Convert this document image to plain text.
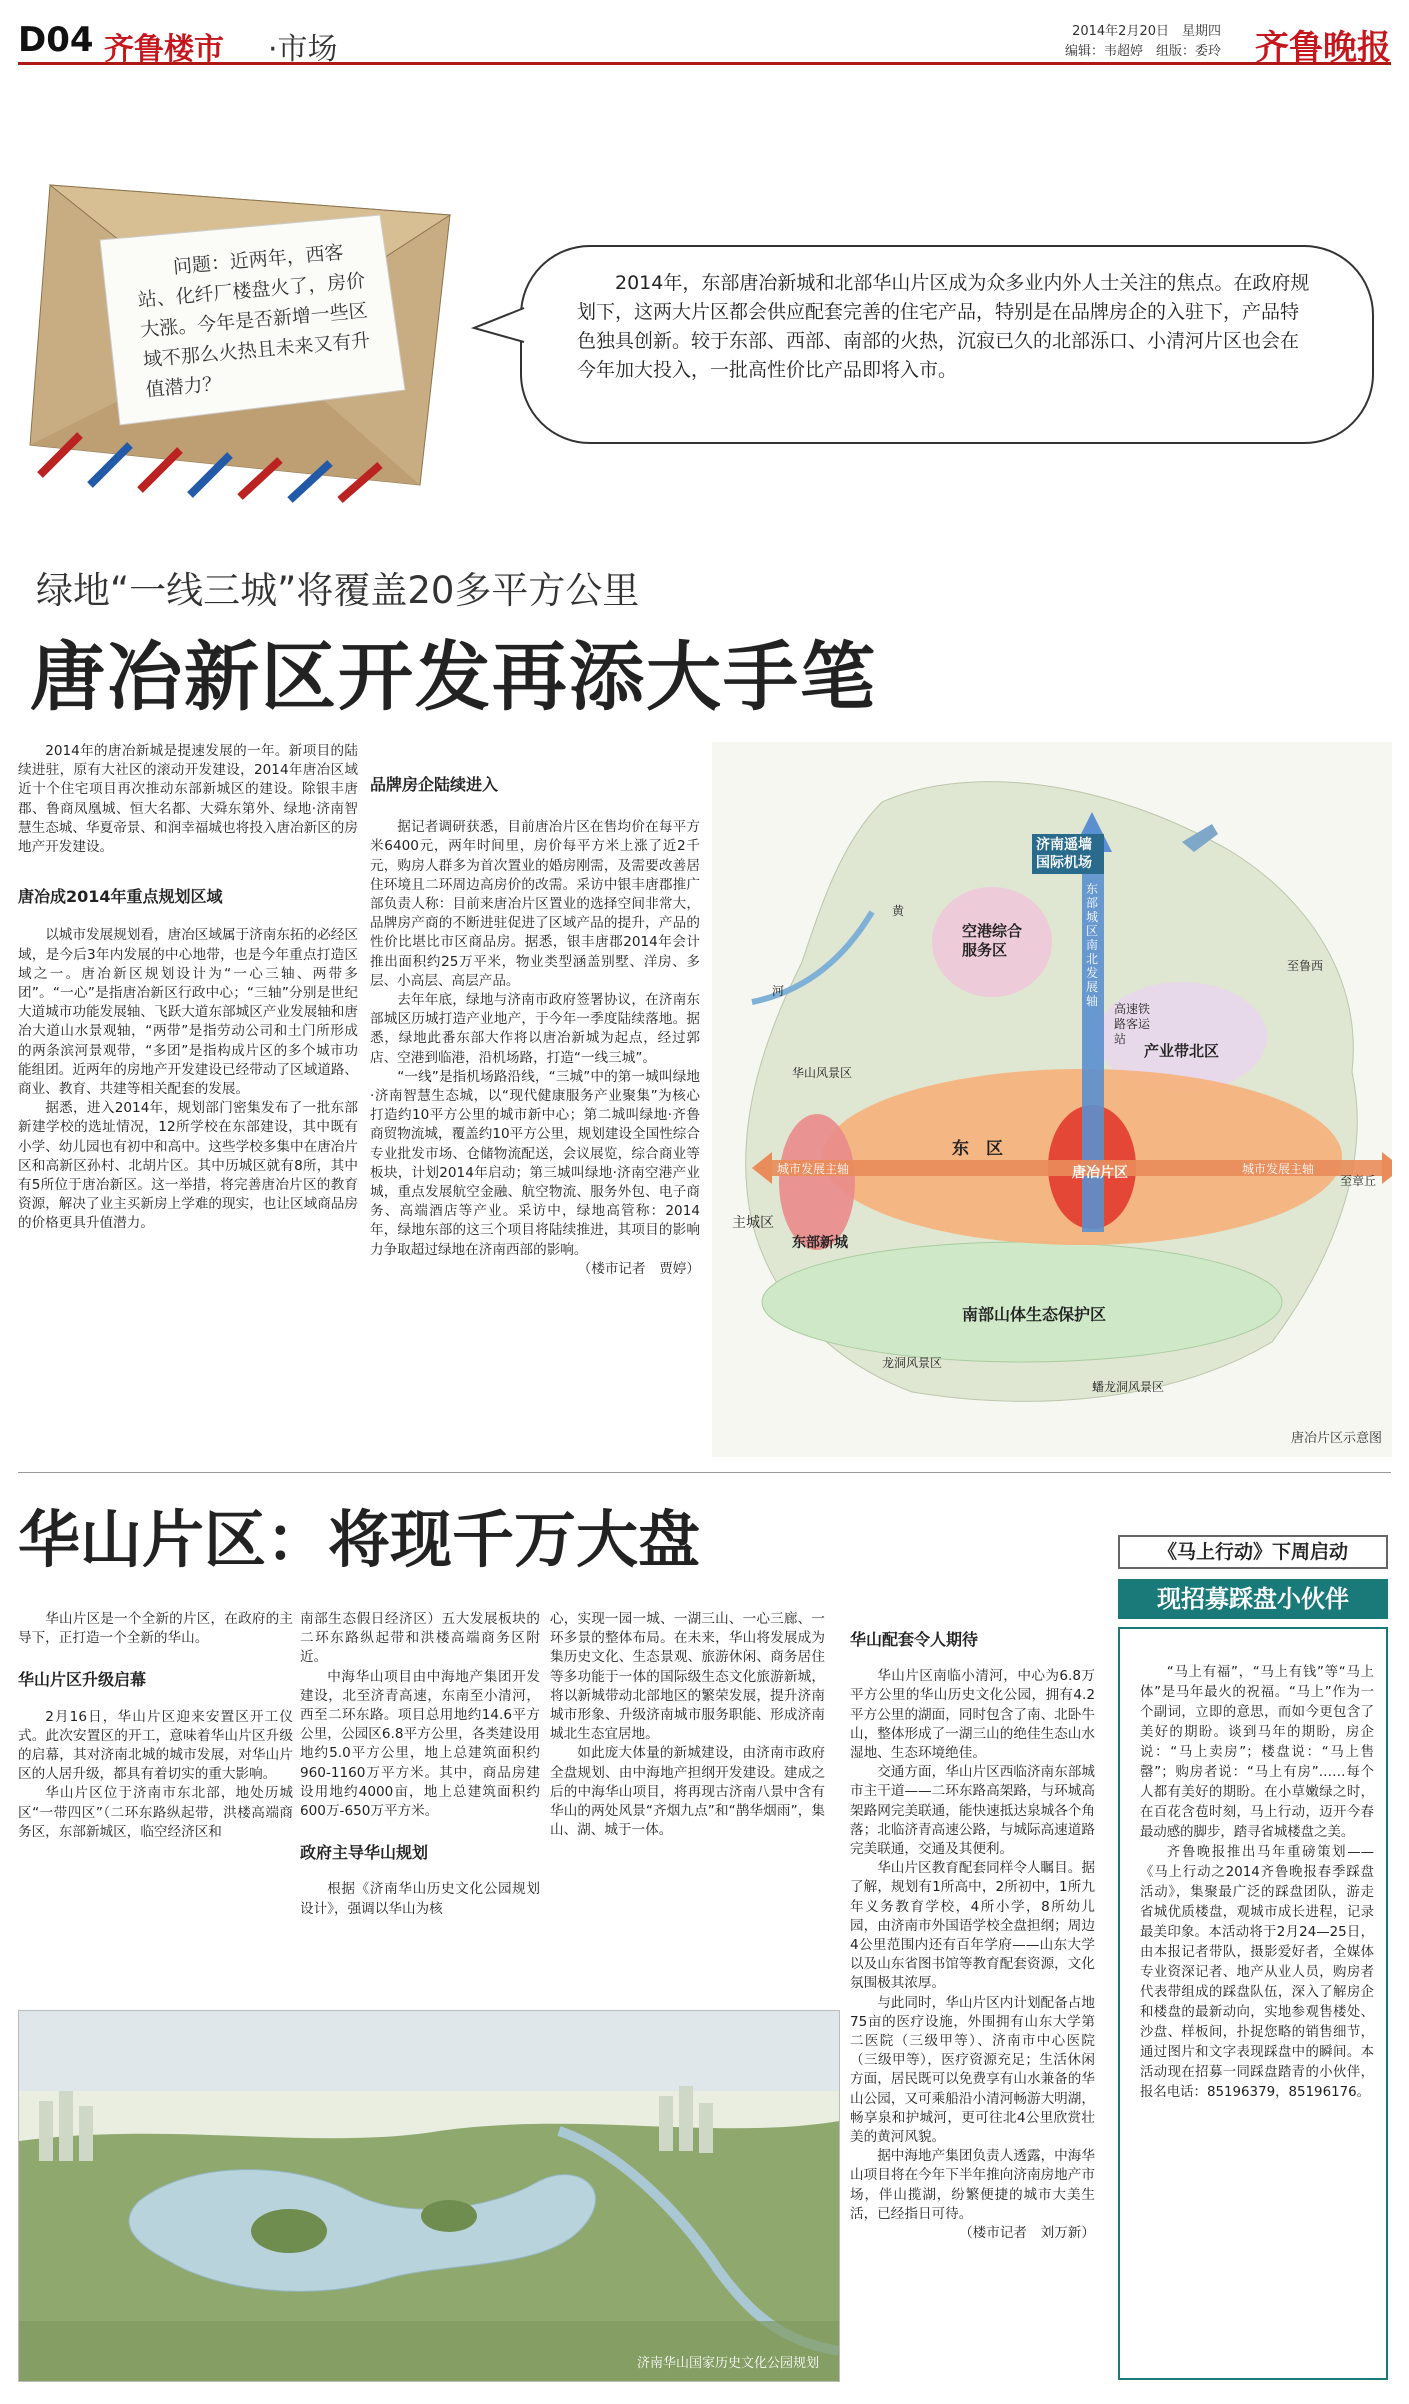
D04 齐鲁楼市 ·市场
2014年2月20日　星期四
编辑：韦超婷　组版：委玲 齐鲁晚报
问题：近两年，西客站、化纤厂楼盘火了，房价大涨。今年是否新增一些区域不那么火热且未来又有升值潜力？
2014年，东部唐冶新城和北部华山片区成为众多业内外人士关注的焦点。在政府规划下，这两大片区都会供应配套完善的住宅产品，特别是在品牌房企的入驻下，产品特色独具创新。较于东部、西部、南部的火热，沉寂已久的北部泺口、小清河片区也会在今年加大投入，一批高性价比产品即将入市。
绿地“一线三城”将覆盖20多平方公里
唐冶新区开发再添大手笔

2014年的唐冶新城是提速发展的一年。新项目的陆续进驻，原有大社区的滚动开发建设，2014年唐冶区域近十个住宅项目再次推动东部新城区的建设。除银丰唐郡、鲁商凤凰城、恒大名都、大舜东第外、绿地·济南智慧生态城、华夏帝景、和润幸福城也将投入唐冶新区的房地产开发建设。

唐冶成2014年重点规划区域

以城市发展规划看，唐冶区域属于济南东拓的必经区域，是今后3年内发展的中心地带，也是今年重点打造区域之一。唐冶新区规划设计为“一心三轴、两带多团”。“一心”是指唐冶新区行政中心；“三轴”分别是世纪大道城市功能发展轴、飞跃大道东部城区产业发展轴和唐冶大道山水景观轴，“两带”是指劳动公司和土门所形成的两条滨河景观带，“多团”是指构成片区的多个城市功能组团。近两年的房地产开发建设已经带动了区域道路、商业、教育、共建等相关配套的发展。

据悉，进入2014年，规划部门密集发布了一批东部新建学校的选址情况，12所学校在东部建设，其中既有小学、幼儿园也有初中和高中。这些学校多集中在唐冶片区和高新区孙村、北胡片区。其中历城区就有8所，其中有5所位于唐冶新区。这一举措，将完善唐冶片区的教育资源，解决了业主买新房上学难的现实，也让区域商品房的价格更具升值潜力。

品牌房企陆续进入

据记者调研获悉，目前唐冶片区在售均价在每平方米6400元，两年时间里，房价每平方米上涨了近2千元，购房人群多为首次置业的婚房刚需，及需要改善居住环境且二环周边高房价的改需。采访中银丰唐郡推广部负责人称：目前来唐冶片区置业的选择空间非常大，品牌房产商的不断进驻促进了区域产品的提升，产品的性价比堪比市区商品房。据悉，银丰唐郡2014年会计推出面积约25万平米，物业类型涵盖别墅、洋房、多层、小高层、高层产品。

去年年底，绿地与济南市政府签署协议，在济南东部城区历城打造产业地产，于今年一季度陆续落地。据悉，绿地此番东部大作将以唐冶新城为起点，经过郭店、空港到临港，沿机场路，打造“一线三城”。

“一线”是指机场路沿线，“三城”中的第一城叫绿地·济南智慧生态城，以“现代健康服务产业聚集”为核心打造约10平方公里的城市新中心；第二城叫绿地·齐鲁商贸物流城，覆盖约10平方公里，规划建设全国性综合专业批发市场、仓储物流配送，会议展览，综合商业等板块，计划2014年启动；第三城叫绿地·济南空港产业城，重点发展航空金融、航空物流、服务外包、电子商务、高端酒店等产业。采访中，绿地高管称：2014年，绿地东部的这三个项目将陆续推进，其项目的影响力争取超过绿地在济南西部的影响。

（楼市记者　贾婷）

济南遥墙国际机场
空港综合服务区
产业带北区
高速铁路客运站
东　区
唐冶片区
东部新城
主城区
南部山体生态保护区
华山风景区
东部城区南北发展轴
城市发展主轴	城市发展主轴
至鲁西
至章丘
黄
河
龙洞风景区
蟠龙洞风景区
唐冶片区示意图
华山片区：将现千万大盘

华山片区是一个全新的片区，在政府的主导下，正打造一个全新的华山。

华山片区升级启幕

2月16日，华山片区迎来安置区开工仪式。此次安置区的开工，意味着华山片区升级的启幕，其对济南北城的城市发展，对华山片区的人居升级，都具有着切实的重大影响。

华山片区位于济南市东北部，地处历城区“一带四区”（二环东路纵起带，洪楼高端商务区，东部新城区，临空经济区和

南部生态假日经济区）五大发展板块的二环东路纵起带和洪楼高端商务区附近。

中海华山项目由中海地产集团开发建设，北至济青高速，东南至小清河，西至二环东路。项目总用地约14.6平方公里，公园区6.8平方公里，各类建设用地约5.0平方公里，地上总建筑面积约960-1160万平方米。其中，商品房建设用地约4000亩，地上总建筑面积约600万-650万平方米。

政府主导华山规划

根据《济南华山历史文化公园规划设计》，强调以华山为核

心，实现一园一城、一湖三山、一心三廊、一环多景的整体布局。在未来，华山将发展成为集历史文化、生态景观、旅游休闲、商务居住等多功能于一体的国际级生态文化旅游新城，将以新城带动北部地区的繁荣发展，提升济南城市形象、升级济南城市服务职能、形成济南城北生态宜居地。

如此庞大体量的新城建设，由济南市政府全盘规划、由中海地产担纲开发建设。建成之后的中海华山项目，将再现古济南八景中含有华山的两处风景“齐烟九点”和“鹊华烟雨”，集山、湖、城于一体。

华山配套令人期待

华山片区南临小清河，中心为6.8万平方公里的华山历史文化公园，拥有4.2平方公里的湖面，同时包含了南、北卧牛山，整体形成了一湖三山的绝佳生态山水湿地、生态环境绝佳。

交通方面，华山片区西临济南东部城市主干道——二环东路高架路，与环城高架路网完美联通，能快速抵达泉城各个角落；北临济青高速公路，与城际高速道路完美联通，交通及其便利。

华山片区教育配套同样令人瞩目。据了解，规划有1所高中，2所初中，1所九年义务教育学校，4所小学，8所幼儿园，由济南市外国语学校全盘担纲；周边4公里范围内还有百年学府——山东大学以及山东省图书馆等教育配套资源，文化氛围极其浓厚。

与此同时，华山片区内计划配备占地75亩的医疗设施，外围拥有山东大学第二医院（三级甲等）、济南市中心医院（三级甲等），医疗资源充足；生活休闲方面，居民既可以免费享有山水兼备的华山公园，又可乘船沿小清河畅游大明湖，畅享泉和护城河，更可往北4公里欣赏壮美的黄河风貌。

据中海地产集团负责人透露，中海华山项目将在今年下半年推向济南房地产市场，伴山揽湖，纷繁便捷的城市大美生活，已经指日可待。

（楼市记者　刘万新）

济南华山国家历史文化公园规划
《马上行动》下周启动
现招募踩盘小伙伴

“马上有福”，“马上有钱”等“马上体”是马年最火的祝福。“马上”作为一个副词，立即的意思，而如今更包含了美好的期盼。谈到马年的期盼，房企说：“马上卖房”；楼盘说：“马上售罄”；购房者说：“马上有房”……每个人都有美好的期盼。在小草嫩绿之时，在百花含苞时刻，马上行动，迈开今春最动感的脚步，踏寻省城楼盘之美。

齐鲁晚报推出马年重磅策划——《马上行动之2014齐鲁晚报春季踩盘活动》，集聚最广泛的踩盘团队，游走省城优质楼盘，观城市成长进程，记录最美印象。本活动将于2月24—25日，由本报记者带队，摄影爱好者，全媒体专业资深记者、地产从业人员，购房者代表带组成的踩盘队伍，深入了解房企和楼盘的最新动向，实地参观售楼处、沙盘、样板间，扑捉您略的销售细节，通过图片和文字表现踩盘中的瞬间。本活动现在招募一同踩盘踏青的小伙伴，报名电话：85196379，85196176。
